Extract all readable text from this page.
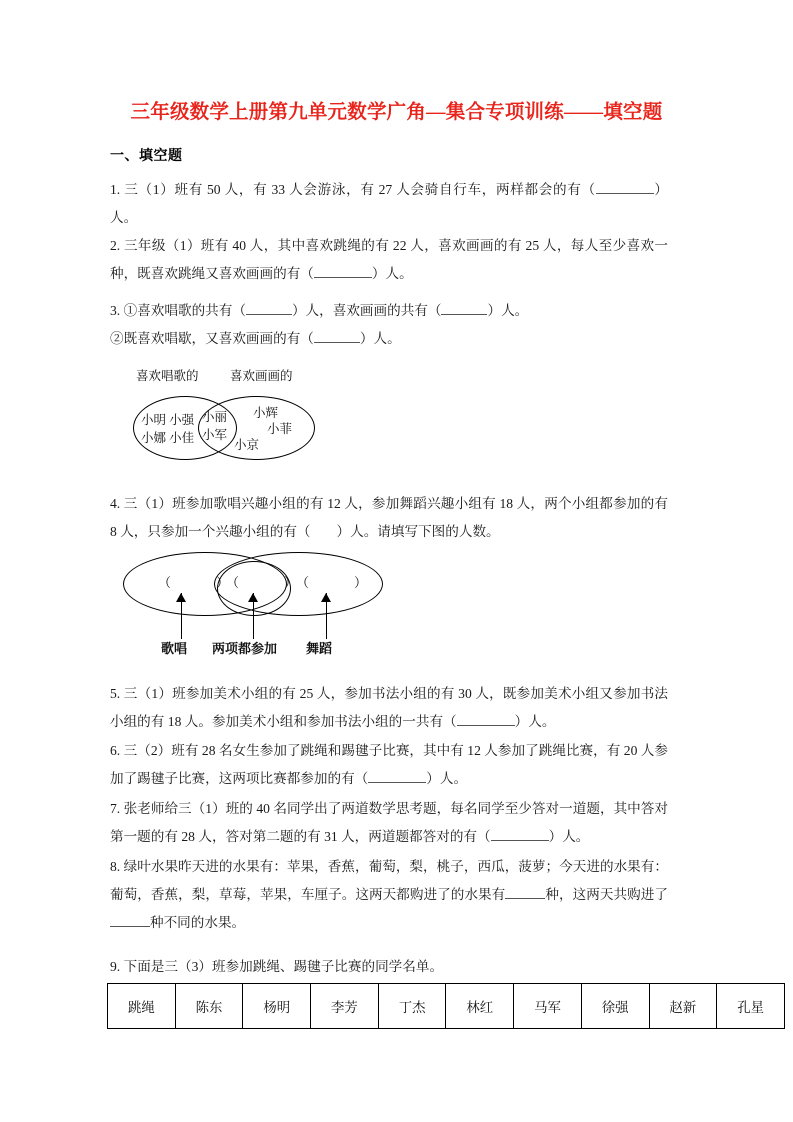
三年级数学上册第九单元数学广角—集合专项训练——填空题
一、填空题
1. 三（1）班有 50 人，有 33 人会游泳，有 27 人会骑自行车，两样都会的有（	）人。
2. 三年级（1）班有 40 人，其中喜欢跳绳的有 22 人，喜欢画画的有 25 人，每人至少喜欢一种，既喜欢跳绳又喜欢画画的有（	）人。
3. ①喜欢唱歌的共有（	）人，喜欢画画的共有（	）人。
②既喜欢唱歇，又喜欢画画的有（	）人。
喜欢唱歌的	喜欢画画的
小明 小强
小娜 小佳
小丽
小军
小辉
小菲
小京
4. 三（1）班参加歌唱兴趣小组的有 12 人，参加舞蹈兴趣小组有 18 人，两个小组都参加的有 8 人，只参加一个兴趣小组的有（ ）人。请填写下图的人数。
（　）
（　）
（　）
歌唱 两项都参加 舞蹈
5. 三（1）班参加美术小组的有 25 人，参加书法小组的有 30 人，既参加美术小组又参加书法小组的有 18 人。参加美术小组和参加书法小组的一共有（	）人。
6. 三（2）班有 28 名女生参加了跳绳和踢毽子比赛，其中有 12 人参加了跳绳比赛，有 20 人参加了踢毽子比赛，这两项比赛都参加的有（	）人。
7. 张老师给三（1）班的 40 名同学出了两道数学思考题，每名同学至少答对一道题，其中答对第一题的有 28 人，答对第二题的有 31 人，两道题都答对的有（	）人。
8. 绿叶水果昨天进的水果有：苹果，香蕉，葡萄，梨，桃子，西瓜，菠萝；今天进的水果有：葡萄，香蕉，梨，草莓，苹果，车厘子。这两天都购进了的水果有	种，这两天共购进了种不同的水果。
9. 下面是三（3）班参加跳绳、踢毽子比赛的同学名单。
跳绳	陈东	杨明	李芳	丁杰	林红	马军	徐强	赵新	孔星
